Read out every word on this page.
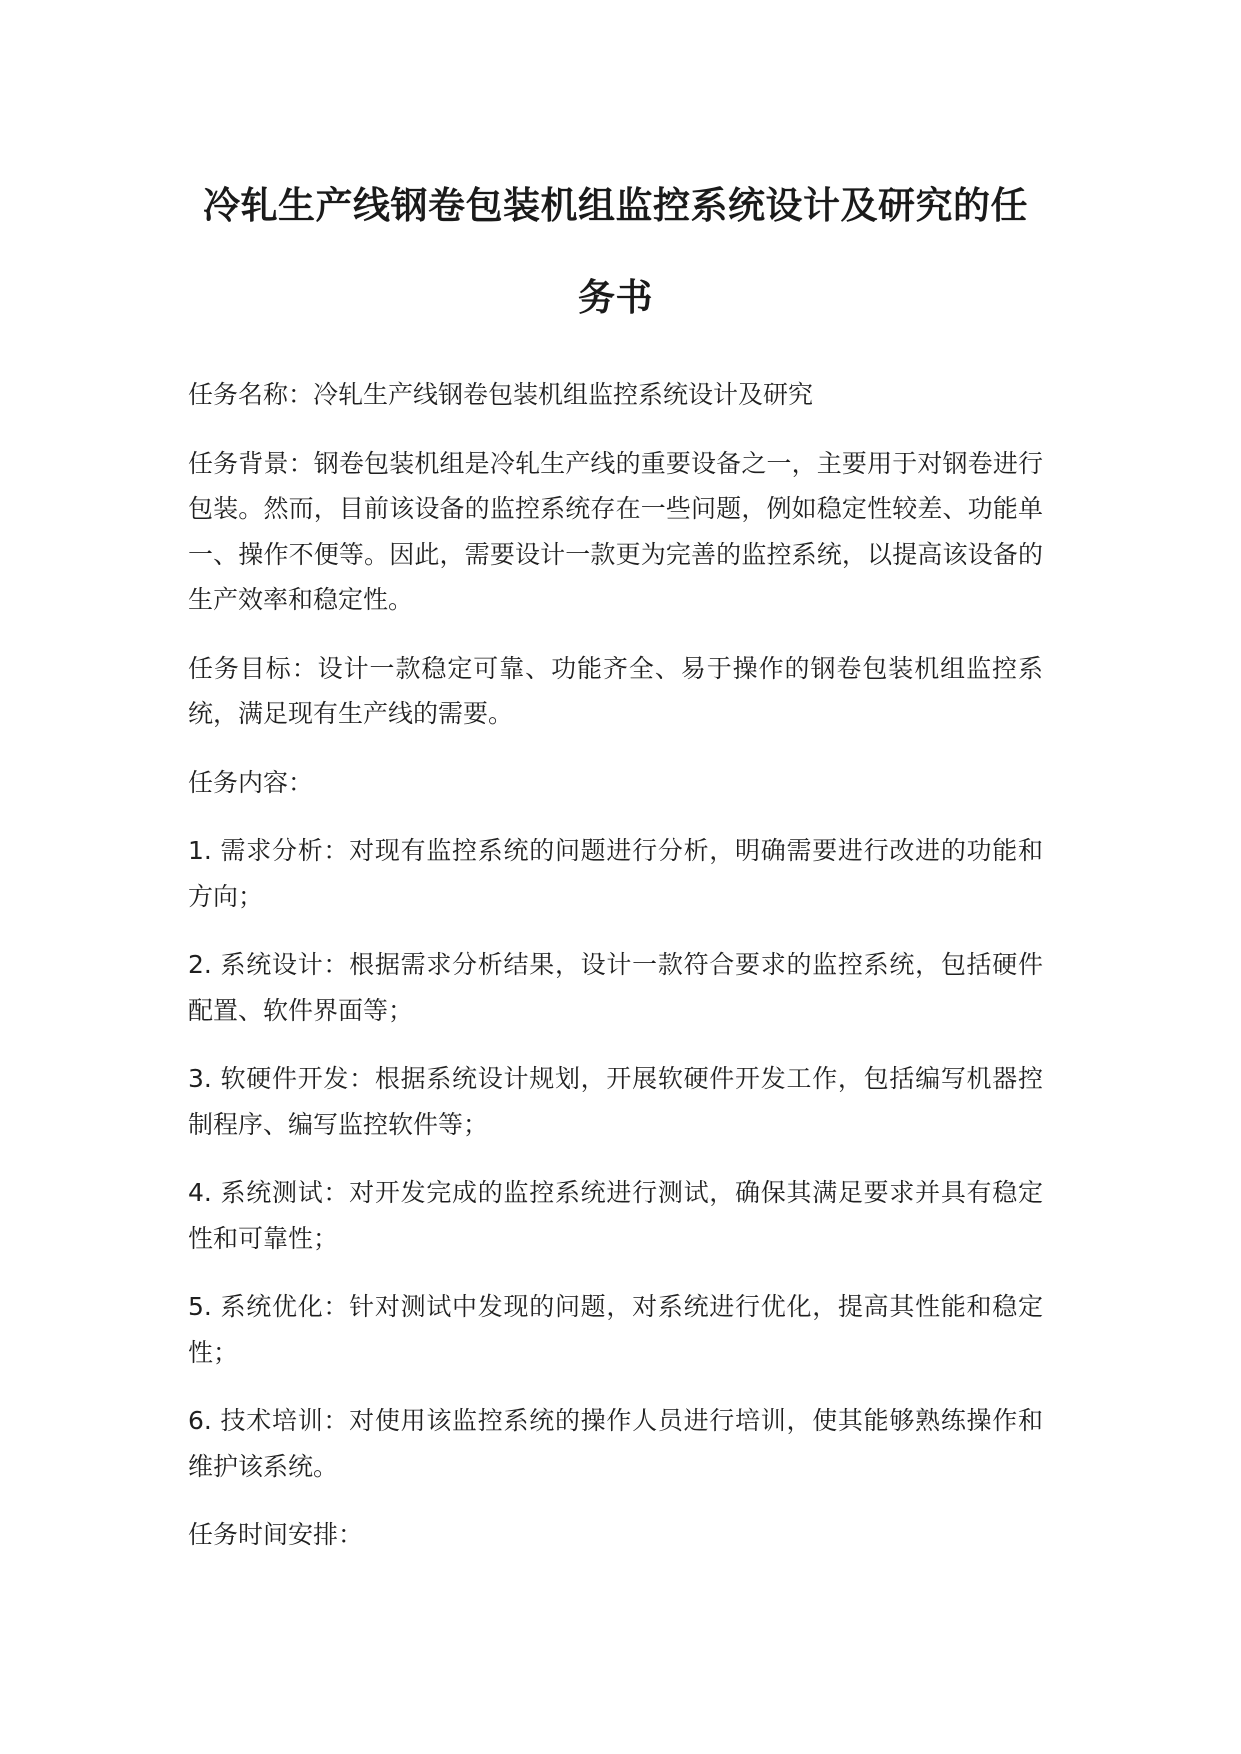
冷轧生产线钢卷包装机组监控系统设计及研究的任务书

任务名称：冷轧生产线钢卷包装机组监控系统设计及研究

任务背景：钢卷包装机组是冷轧生产线的重要设备之一，主要用于对钢卷进行包装。然而，目前该设备的监控系统存在一些问题，例如稳定性较差、功能单一、操作不便等。因此，需要设计一款更为完善的监控系统，以提高该设备的生产效率和稳定性。

任务目标：设计一款稳定可靠、功能齐全、易于操作的钢卷包装机组监控系统，满足现有生产线的需要。

任务内容：

1. 需求分析：对现有监控系统的问题进行分析，明确需要进行改进的功能和方向；

2. 系统设计：根据需求分析结果，设计一款符合要求的监控系统，包括硬件配置、软件界面等；

3. 软硬件开发：根据系统设计规划，开展软硬件开发工作，包括编写机器控制程序、编写监控软件等；

4. 系统测试：对开发完成的监控系统进行测试，确保其满足要求并具有稳定性和可靠性；

5. 系统优化：针对测试中发现的问题，对系统进行优化，提高其性能和稳定性；

6. 技术培训：对使用该监控系统的操作人员进行培训，使其能够熟练操作和维护该系统。

任务时间安排：
